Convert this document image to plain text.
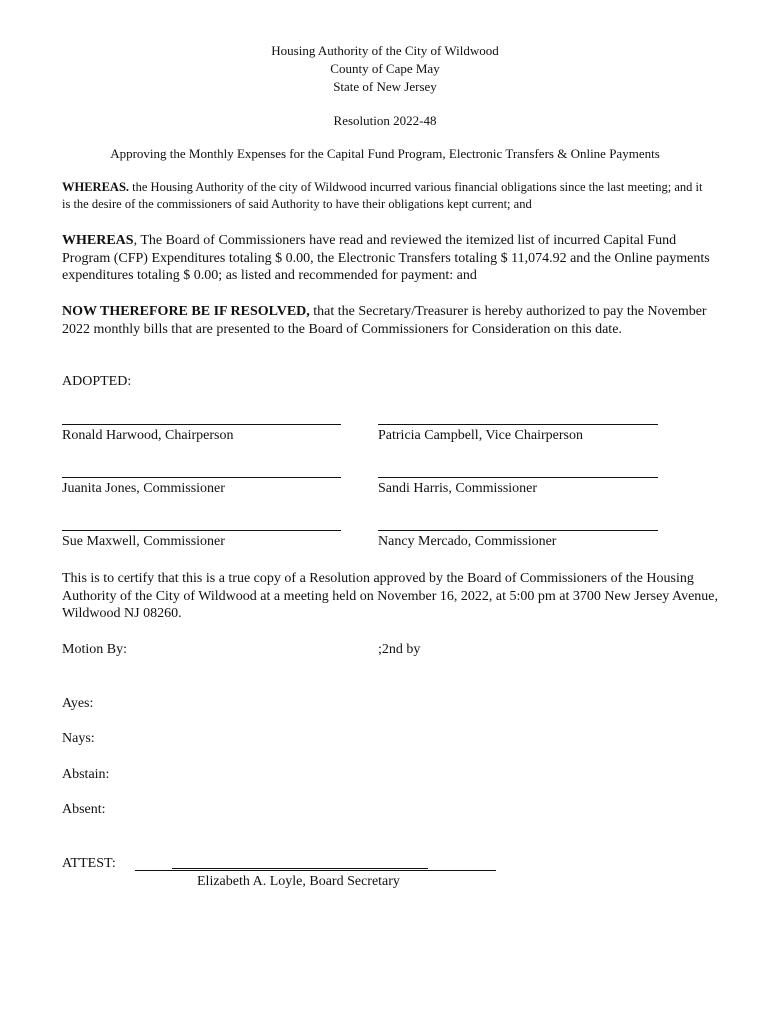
Housing Authority of the City of Wildwood
County of Cape May
State of New Jersey
Resolution 2022-48
Approving the Monthly Expenses for the Capital Fund Program, Electronic Transfers & Online Payments
WHEREAS. the Housing Authority of the city of Wildwood incurred various financial obligations since the last meeting; and it is the desire of the commissioners of said Authority to have their obligations kept current; and
WHEREAS, The Board of Commissioners have read and reviewed the itemized list of incurred Capital Fund Program (CFP) Expenditures totaling $ 0.00, the Electronic Transfers totaling $ 11,074.92 and the Online payments expenditures totaling $ 0.00; as listed and recommended for payment: and
NOW THEREFORE BE IF RESOLVED, that the Secretary/Treasurer is hereby authorized to pay the November 2022 monthly bills that are presented to the Board of Commissioners for Consideration on this date.
ADOPTED:
Ronald Harwood, Chairperson	Patricia Campbell, Vice Chairperson
Juanita Jones, Commissioner	Sandi Harris, Commissioner
Sue Maxwell, Commissioner	Nancy Mercado, Commissioner
This is to certify that this is a true copy of a Resolution approved by the Board of Commissioners of the Housing Authority of the City of Wildwood at a meeting held on November 16, 2022, at 5:00 pm at 3700 New Jersey Avenue, Wildwood NJ 08260.
Motion By:	;2nd by
Ayes:
Nays:
Abstain:
Absent:
ATTEST:
Elizabeth A. Loyle, Board Secretary
